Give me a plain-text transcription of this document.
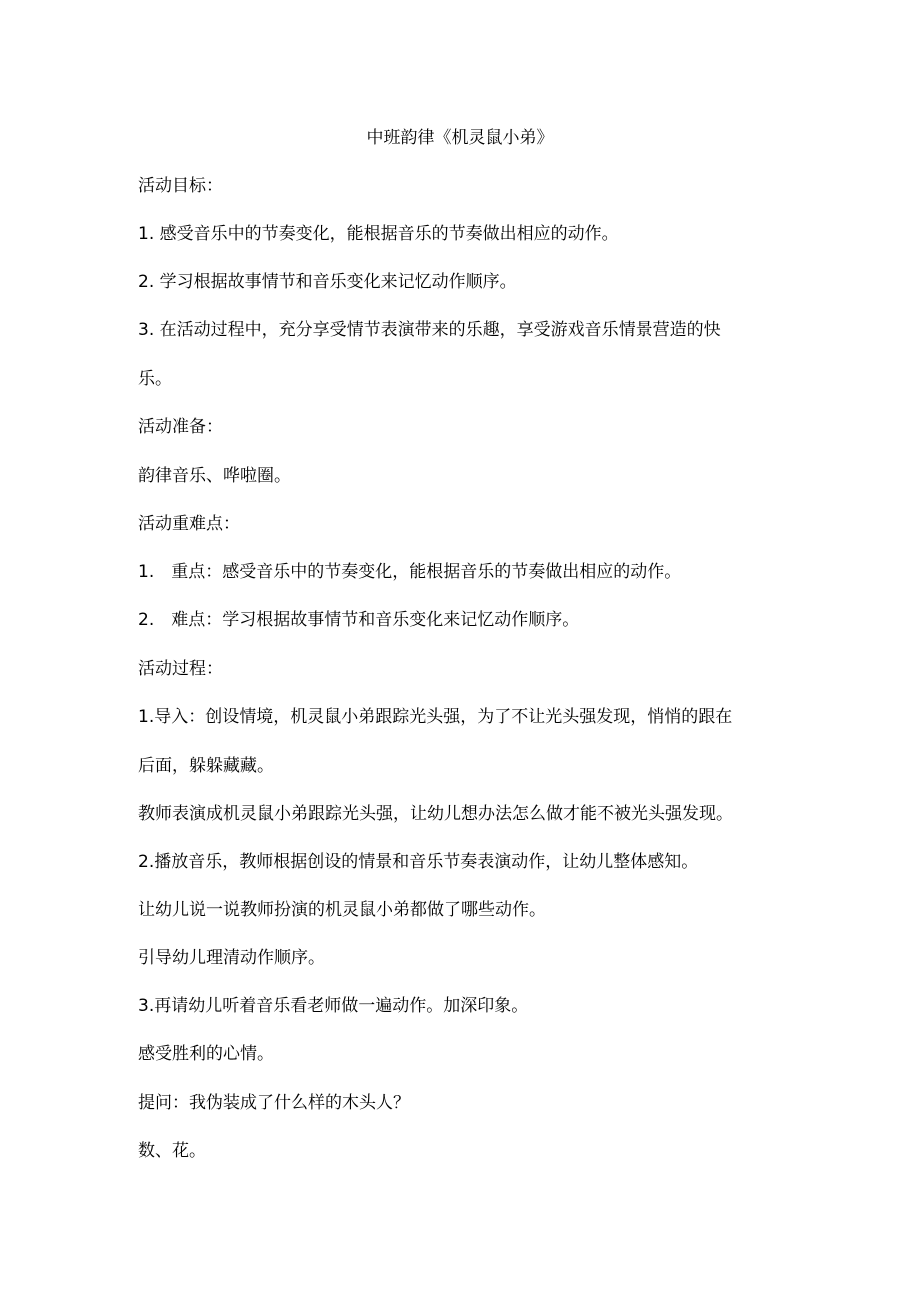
中班韵律《机灵鼠小弟》

活动目标：

1. 感受音乐中的节奏变化，能根据音乐的节奏做出相应的动作。

2. 学习根据故事情节和音乐变化来记忆动作顺序。

3. 在活动过程中，充分享受情节表演带来的乐趣，享受游戏音乐情景营造的快

乐。

活动准备：

韵律音乐、哗啦圈。

活动重难点：

1.　重点：感受音乐中的节奏变化，能根据音乐的节奏做出相应的动作。

2.　难点：学习根据故事情节和音乐变化来记忆动作顺序。

活动过程：

1.导入：创设情境，机灵鼠小弟跟踪光头强，为了不让光头强发现，悄悄的跟在

后面，躲躲藏藏。

教师表演成机灵鼠小弟跟踪光头强，让幼儿想办法怎么做才能不被光头强发现。

2.播放音乐，教师根据创设的情景和音乐节奏表演动作，让幼儿整体感知。

让幼儿说一说教师扮演的机灵鼠小弟都做了哪些动作。

引导幼儿理清动作顺序。

3.再请幼儿听着音乐看老师做一遍动作。加深印象。

感受胜利的心情。

提问：我伪装成了什么样的木头人？

数、花。
